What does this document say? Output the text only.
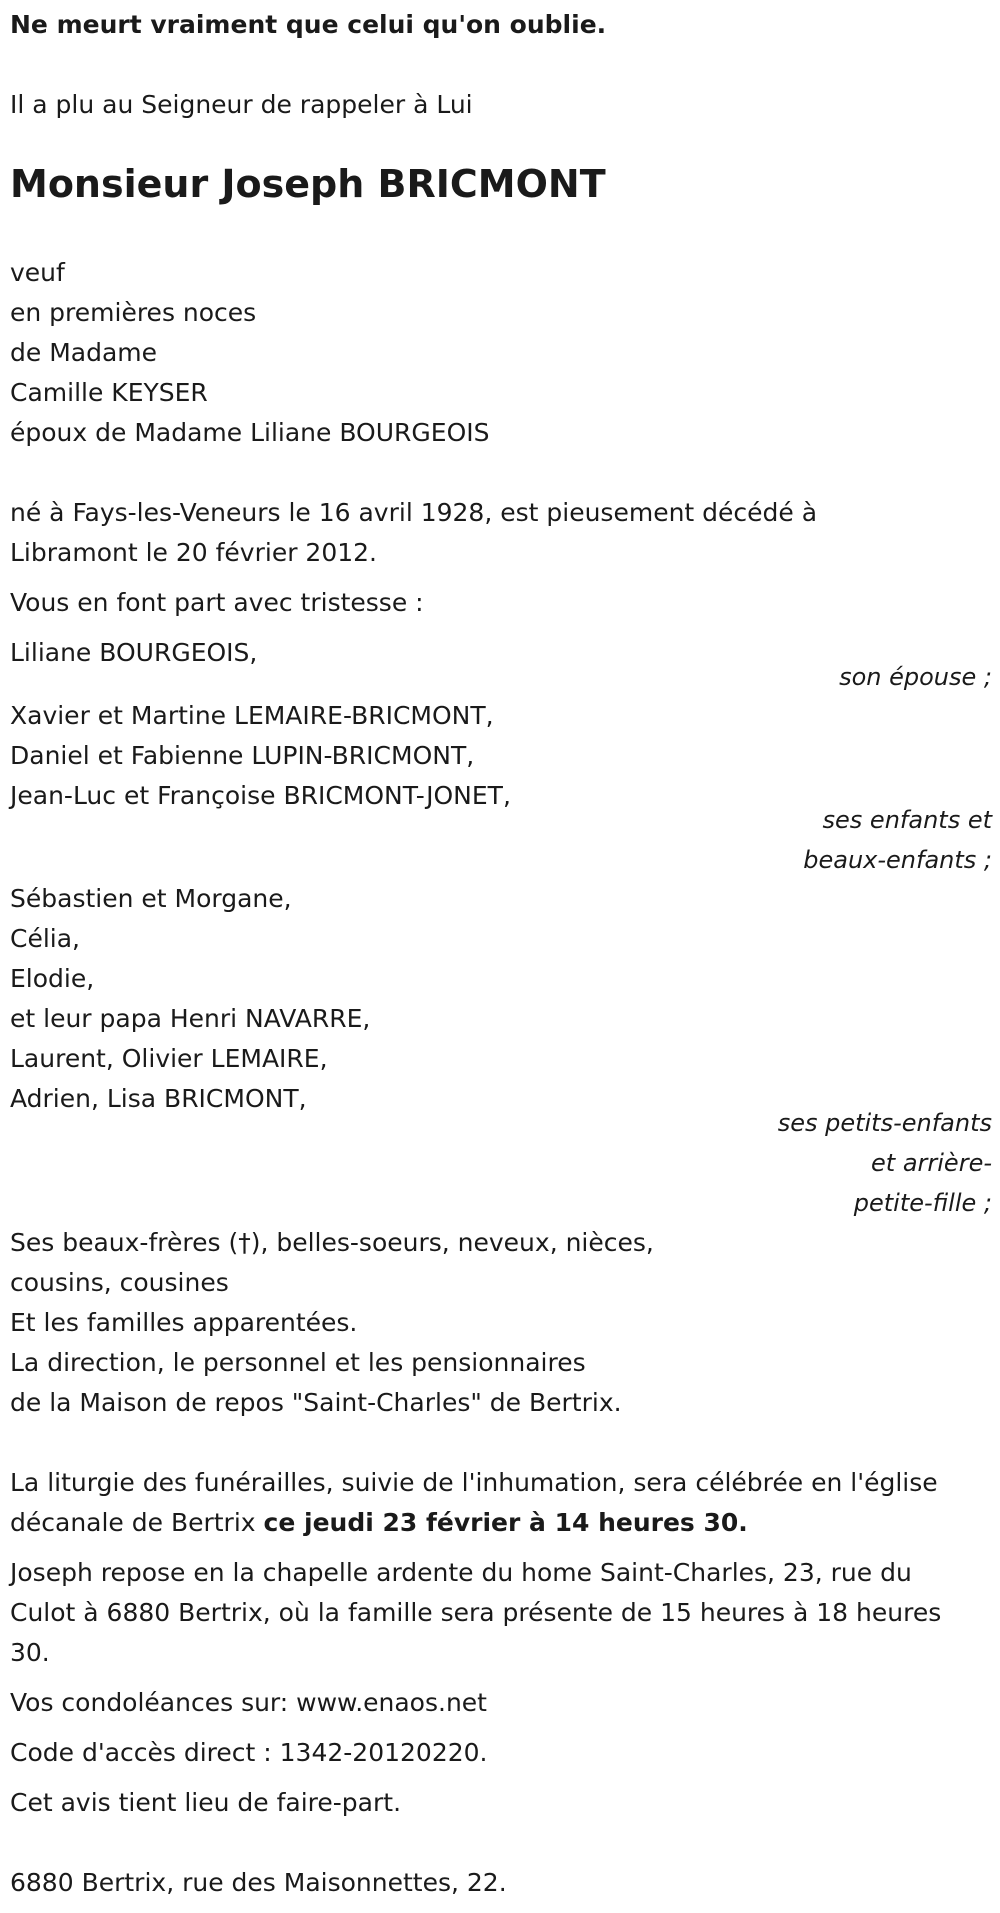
Ne meurt vraiment que celui qu'on oublie.
Il a plu au Seigneur de rappeler à Lui
Monsieur Joseph BRICMONT
veuf
en premières noces
de Madame
Camille KEYSER
époux de Madame Liliane BOURGEOIS
né à Fays-les-Veneurs le 16 avril 1928, est pieusement décédé à
Libramont le 20 février 2012.
Vous en font part avec tristesse :
Liliane BOURGEOIS,
son épouse ;
Xavier et Martine LEMAIRE-BRICMONT,
Daniel et Fabienne LUPIN-BRICMONT,
Jean-Luc et Françoise BRICMONT-JONET,
ses enfants et
beaux-enfants ;
Sébastien et Morgane,
Célia,
Elodie,
et leur papa Henri NAVARRE,
Laurent, Olivier LEMAIRE,
Adrien, Lisa BRICMONT,
ses petits-enfants
et arrière-
petite-fille ;
Ses beaux-frères (†), belles-soeurs, neveux, nièces,
cousins, cousines
Et les familles apparentées.
La direction, le personnel et les pensionnaires
de la Maison de repos "Saint-Charles" de Bertrix.
La liturgie des funérailles, suivie de l'inhumation, sera célébrée en l'église
décanale de Bertrix ce jeudi 23 février à 14 heures 30.
Joseph repose en la chapelle ardente du home Saint-Charles, 23, rue du
Culot à 6880 Bertrix, où la famille sera présente de 15 heures à 18 heures
30.
Vos condoléances sur: www.enaos.net
Code d'accès direct : 1342-20120220.
Cet avis tient lieu de faire-part.
6880 Bertrix, rue des Maisonnettes, 22.
